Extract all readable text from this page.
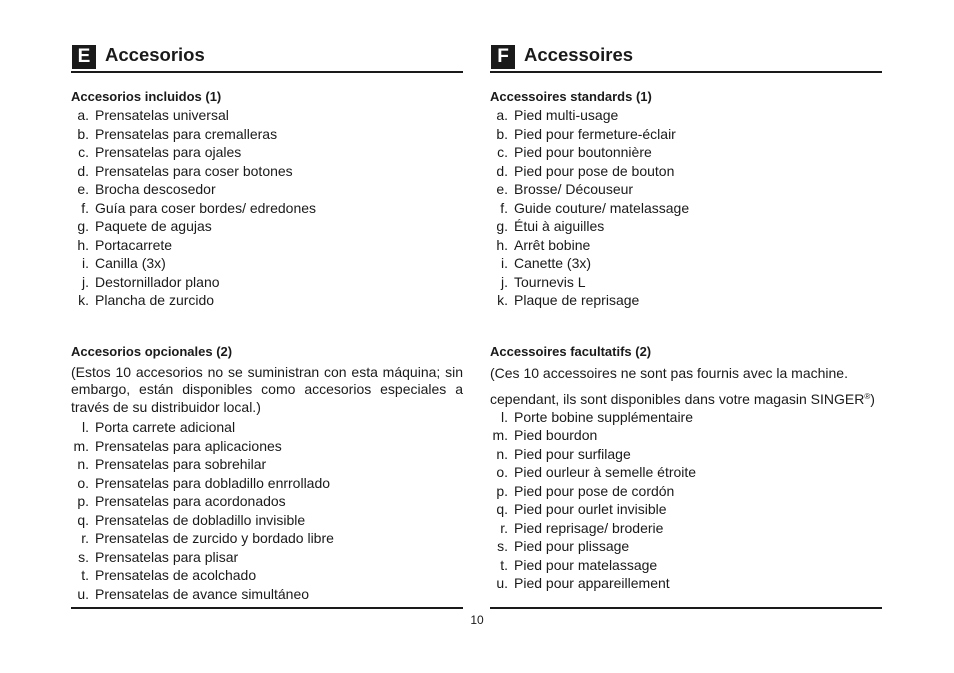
E Accesorios

Accesorios incluidos (1)

a. Prensatelas universal
b. Prensatelas para cremalleras
c. Prensatelas para ojales
d. Prensatelas para coser botones
e. Brocha descosedor
f. Guía para coser bordes/ edredones
g. Paquete de agujas
h. Portacarrete
i. Canilla (3x)
j. Destornillador plano
k. Plancha de zurcido

Accesorios opcionales (2)

(Estos 10 accesorios no se suministran con esta máquina; sin embargo, están disponibles como accesorios especiales a través de su distribuidor local.)

l. Porta carrete adicional
m. Prensatelas para aplicaciones
n. Prensatelas para sobrehilar
o. Prensatelas para dobladillo enrrollado
p. Prensatelas para acordonados
q. Prensatelas de dobladillo invisible
r. Prensatelas de zurcido y bordado libre
s. Prensatelas para plisar
t. Prensatelas de acolchado
u. Prensatelas de avance simultáneo
F Accessoires

Accessoires standards (1)

a. Pied multi-usage
b. Pied pour fermeture-éclair
c. Pied pour boutonnière
d. Pied pour pose de bouton
e. Brosse/ Découseur
f. Guide couture/ matelassage
g. Étui à aiguilles
h. Arrêt bobine
i. Canette (3x)
j. Tournevis L
k. Plaque de reprisage

Accessoires facultatifs (2)

(Ces 10 accessoires ne sont pas fournis avec la machine.

cependant, ils sont disponibles dans votre magasin SINGER®)

l. Porte bobine supplémentaire
m. Pied bourdon
n. Pied pour surfilage
o. Pied ourleur à semelle étroite
p. Pied pour pose de cordón
q. Pied pour ourlet invisible
r. Pied reprisage/ broderie
s. Pied pour plissage
t. Pied pour matelassage
u. Pied pour appareillement
10
